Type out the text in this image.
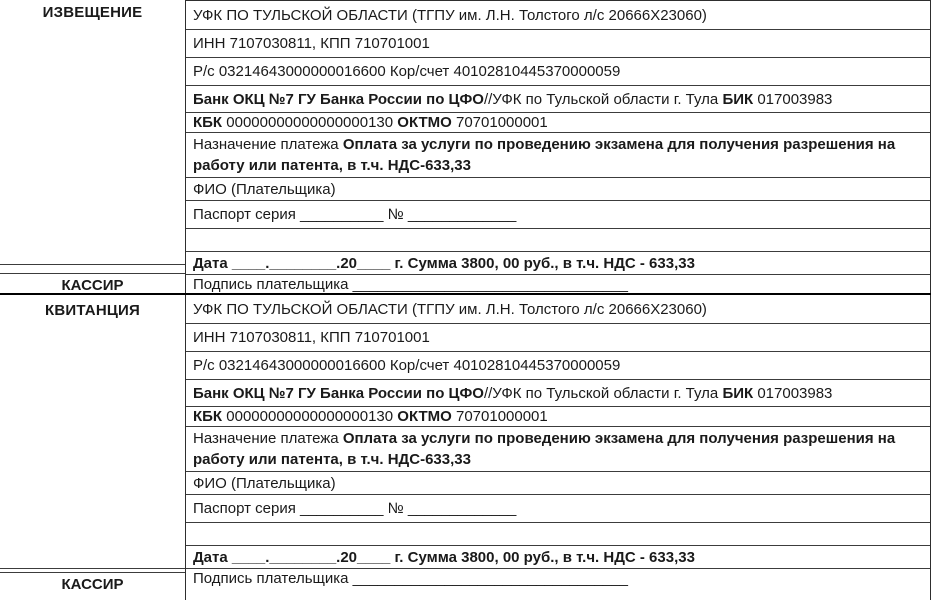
ИЗВЕЩЕНИЕ
КАССИР
УФК ПО ТУЛЬСКОЙ ОБЛАСТИ (ТГПУ им. Л.Н. Толстого л/с 20666Х23060)
ИНН 7107030811, КПП 710701001
Р/с 03214643000000016600 Кор/счет 40102810445370000059
Банк ОКЦ №7 ГУ Банка России по ЦФО//УФК по Тульской области г. Тула БИК 017003983
КБК 00000000000000000130 ОКТМО 70701000001
Назначение платежа Оплата за услуги по проведению экзамена для получения разрешения на работу или патента, в т.ч. НДС-633,33
ФИО (Плательщика)
Паспорт серия __________ № _____________
Дата ____.________.20____ г. Сумма 3800, 00 руб., в т.ч. НДС - 633,33
Подпись плательщика _________________________________
КВИТАНЦИЯ
КАССИР
УФК ПО ТУЛЬСКОЙ ОБЛАСТИ (ТГПУ им. Л.Н. Толстого л/с 20666Х23060)
ИНН 7107030811, КПП 710701001
Р/с 03214643000000016600 Кор/счет 40102810445370000059
Банк ОКЦ №7 ГУ Банка России по ЦФО//УФК по Тульской области г. Тула БИК 017003983
КБК 00000000000000000130 ОКТМО 70701000001
Назначение платежа Оплата за услуги по проведению экзамена для получения разрешения на работу или патента, в т.ч. НДС-633,33
ФИО (Плательщика)
Паспорт серия __________ № _____________
Дата ____.________.20____ г. Сумма 3800, 00 руб., в т.ч. НДС - 633,33
Подпись плательщика _________________________________
